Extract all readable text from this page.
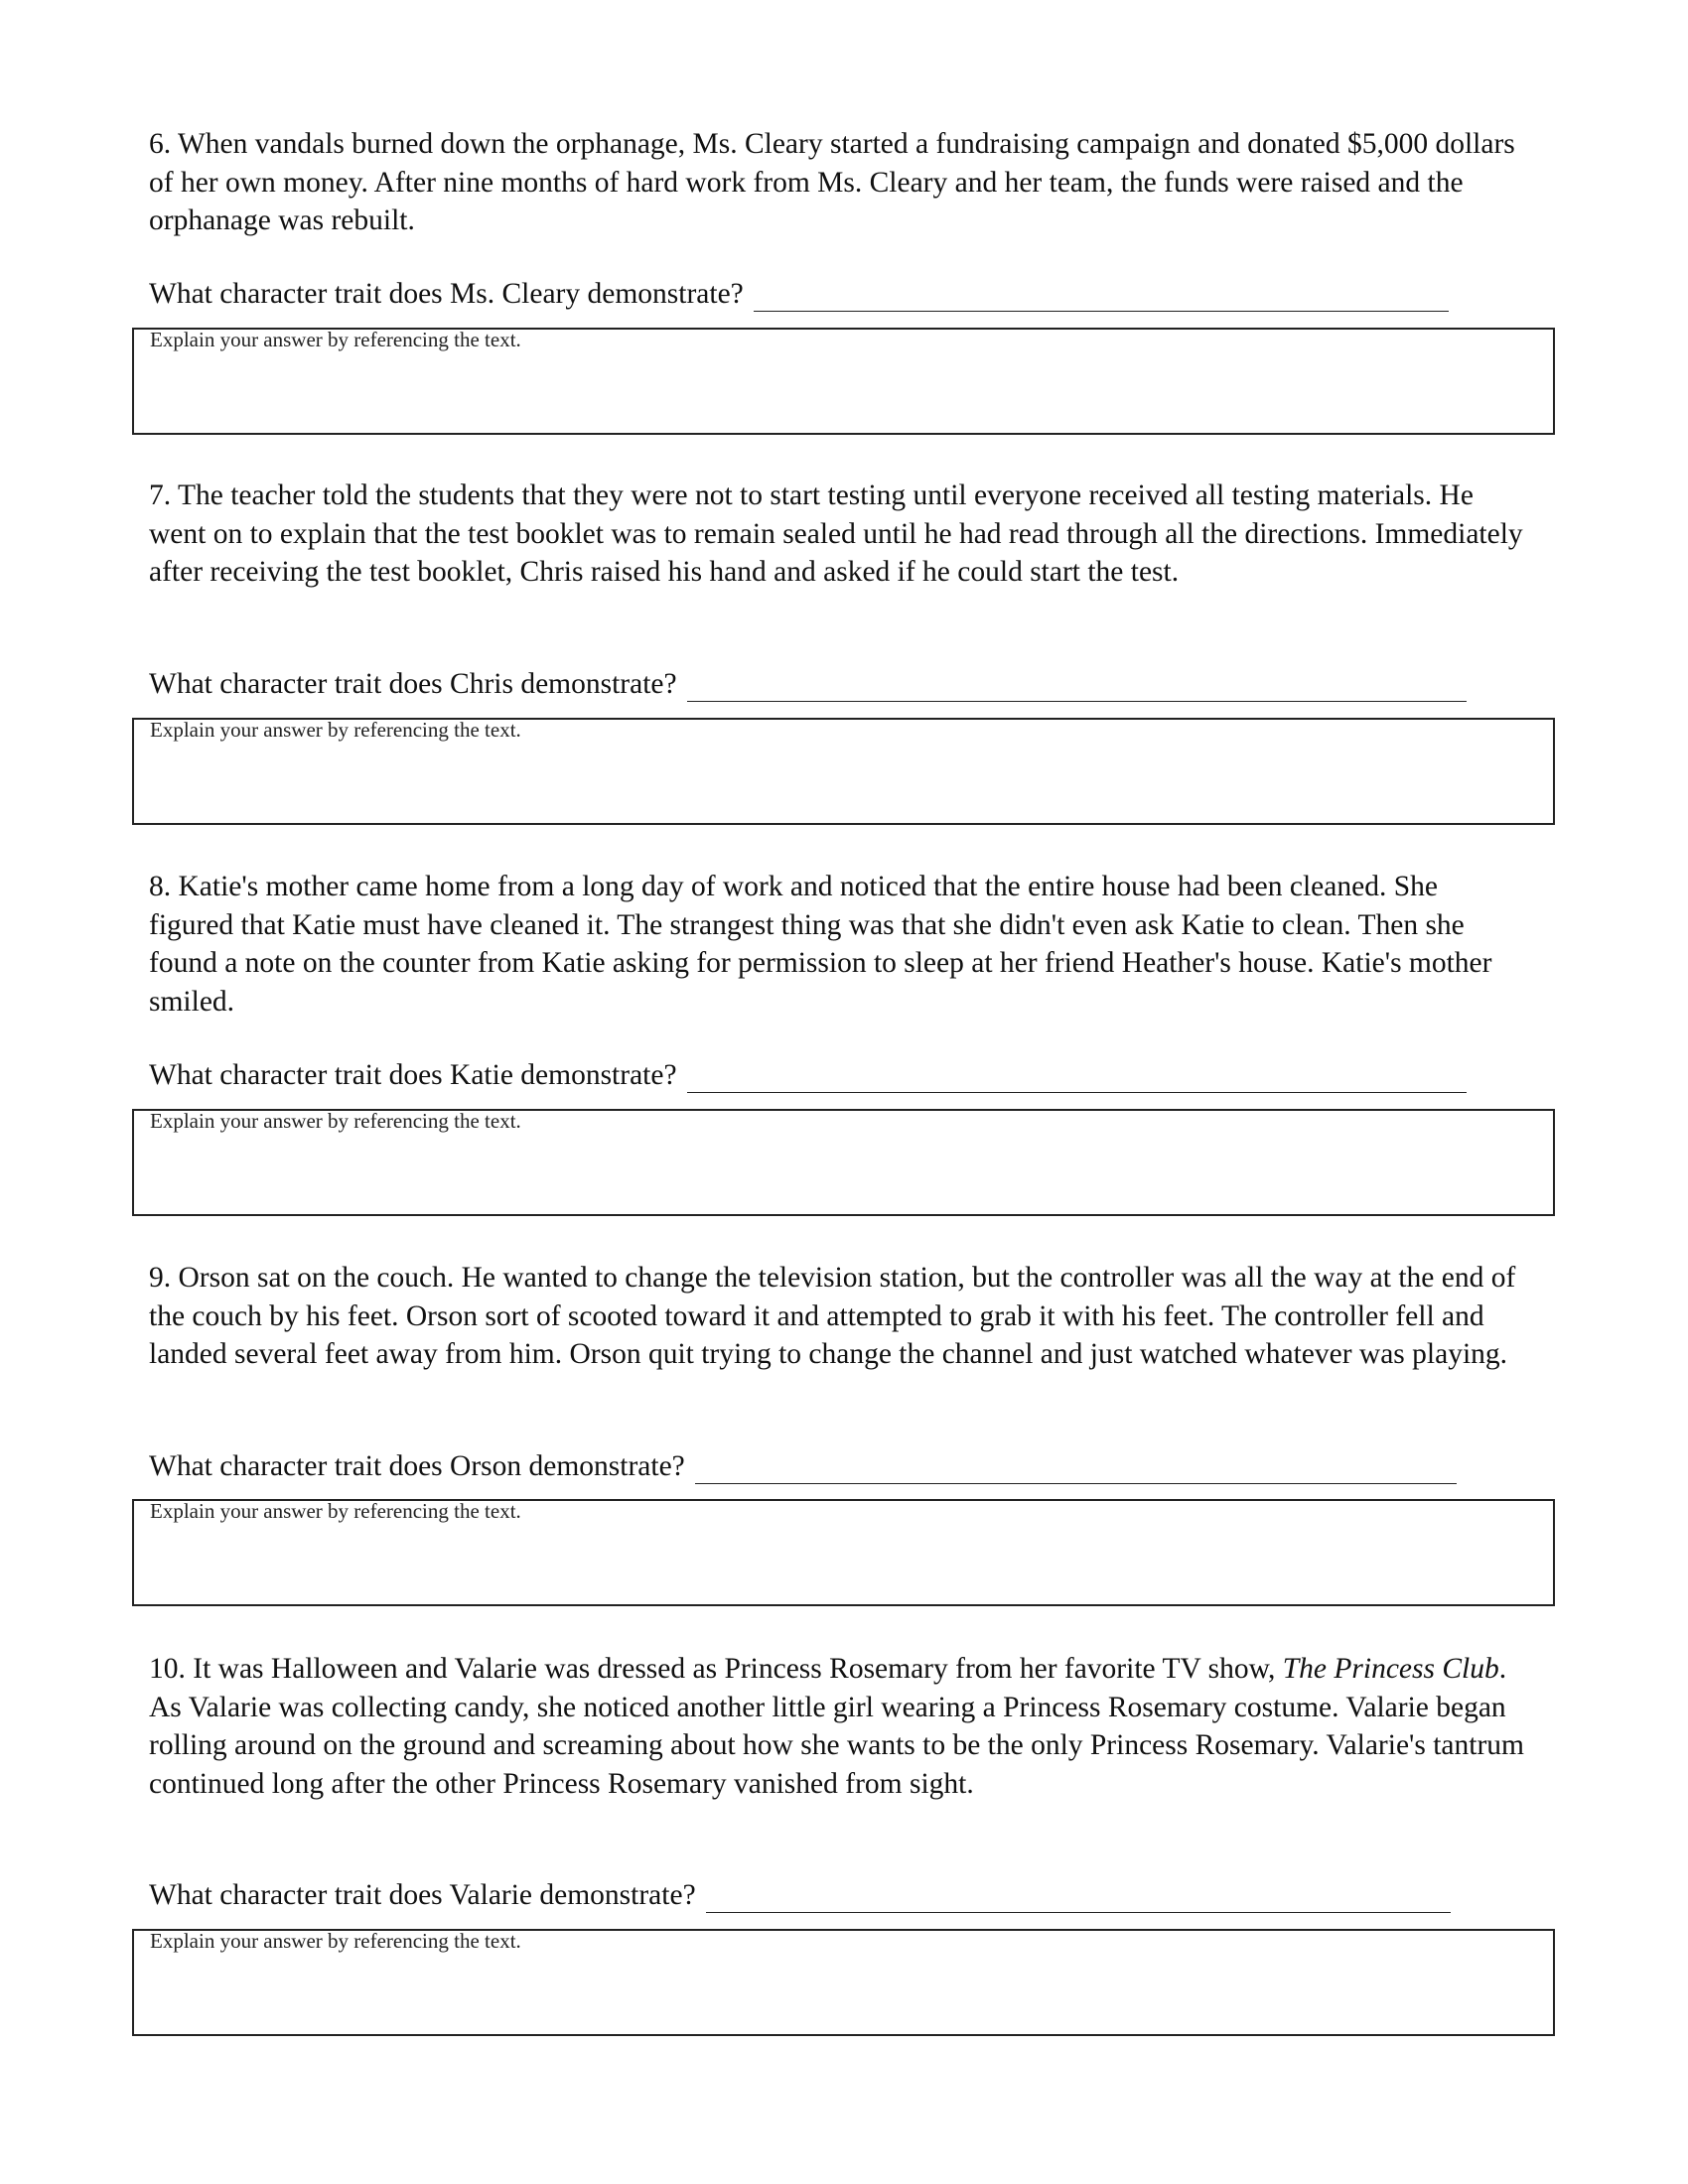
6. When vandals burned down the orphanage, Ms. Cleary started a fundraising campaign and donated $5,000 dollars of her own money. After nine months of hard work from Ms. Cleary and her team, the funds were raised and the orphanage was rebuilt.

What character trait does Ms. Cleary demonstrate?
Explain your answer by referencing the text.

7. The teacher told the students that they were not to start testing until everyone received all testing materials. He went on to explain that the test booklet was to remain sealed until he had read through all the directions. Immediately after receiving the test booklet, Chris raised his hand and asked if he could start the test.

What character trait does Chris demonstrate?
Explain your answer by referencing the text.

8. Katie's mother came home from a long day of work and noticed that the entire house had been cleaned. She figured that Katie must have cleaned it. The strangest thing was that she didn't even ask Katie to clean. Then she found a note on the counter from Katie asking for permission to sleep at her friend Heather's house. Katie's mother smiled.

What character trait does Katie demonstrate?
Explain your answer by referencing the text.

9. Orson sat on the couch. He wanted to change the television station, but the controller was all the way at the end of the couch by his feet. Orson sort of scooted toward it and attempted to grab it with his feet. The controller fell and landed several feet away from him. Orson quit trying to change the channel and just watched whatever was playing.

What character trait does Orson demonstrate?
Explain your answer by referencing the text.

10. It was Halloween and Valarie was dressed as Princess Rosemary from her favorite TV show, The Princess Club. As Valarie was collecting candy, she noticed another little girl wearing a Princess Rosemary costume. Valarie began rolling around on the ground and screaming about how she wants to be the only Princess Rosemary. Valarie's tantrum continued long after the other Princess Rosemary vanished from sight.

What character trait does Valarie demonstrate?
Explain your answer by referencing the text.
